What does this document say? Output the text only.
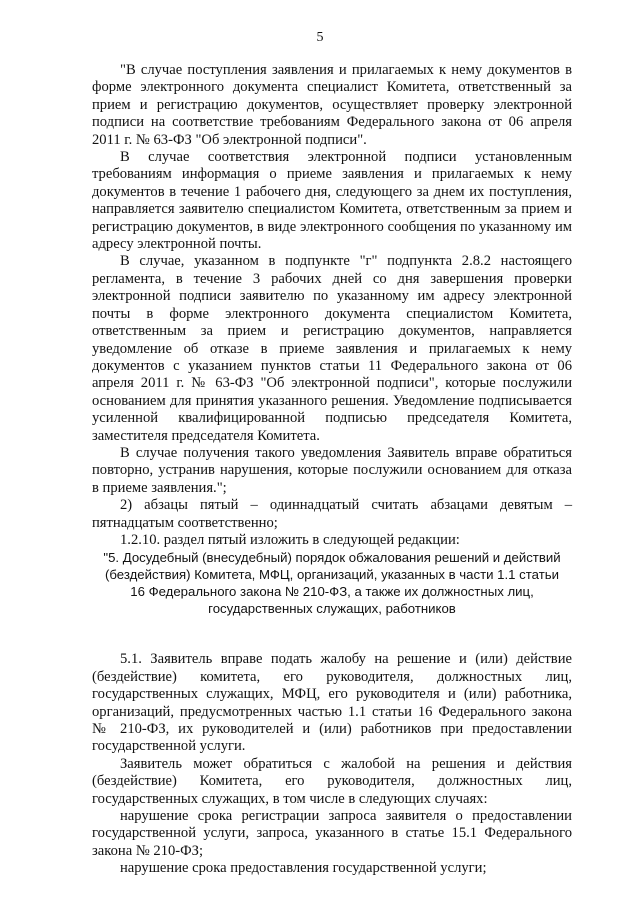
5

"В случае поступления заявления и прилагаемых к нему документов в форме электронного документа специалист Комитета, ответственный за прием и регистрацию документов, осуществляет проверку электронной подписи на соответствие требованиям Федерального закона от 06 апреля 2011 г. № 63-ФЗ "Об электронной подписи".

В случае соответствия электронной подписи установленным требованиям информация о приеме заявления и прилагаемых к нему документов в течение 1 рабочего дня, следующего за днем их поступления, направляется заявителю специалистом Комитета, ответственным за прием и регистрацию документов, в виде электронного сообщения по указанному им адресу электронной почты.

В случае, указанном в подпункте "г" подпункта 2.8.2 настоящего регламента, в течение 3 рабочих дней со дня завершения проверки электронной подписи заявителю по указанному им адресу электронной почты в форме электронного документа специалистом Комитета, ответственным за прием и регистрацию документов, направляется уведомление об отказе в приеме заявления и прилагаемых к нему документов с указанием пунктов статьи 11 Федерального закона от 06 апреля 2011 г. № 63-ФЗ "Об электронной подписи", которые послужили основанием для принятия указанного решения. Уведомление подписывается усиленной квалифицированной подписью председателя Комитета, заместителя председателя Комитета.

В случае получения такого уведомления Заявитель вправе обратиться повторно, устранив нарушения, которые послужили основанием для отказа в приеме заявления.";

2) абзацы пятый – одиннадцатый считать абзацами девятым – пятнадцатым соответственно;

1.2.10. раздел пятый изложить в следующей редакции:

"5. Досудебный (внесудебный) порядок обжалования решений и действий (бездействия) Комитета, МФЦ, организаций, указанных в части 1.1 статьи 16 Федерального закона № 210-ФЗ, а также их должностных лиц, государственных служащих, работников

5.1. Заявитель вправе подать жалобу на решение и (или) действие (бездействие) комитета, его руководителя, должностных лиц, государственных служащих, МФЦ, его руководителя и (или) работника, организаций, предусмотренных частью 1.1 статьи 16 Федерального закона № 210-ФЗ, их руководителей и (или) работников при предоставлении государственной услуги.

Заявитель может обратиться с жалобой на решения и действия (бездействие) Комитета, его руководителя, должностных лиц, государственных служащих, в том числе в следующих случаях:

нарушение срока регистрации запроса заявителя о предоставлении государственной услуги, запроса, указанного в статье 15.1 Федерального закона № 210-ФЗ;

нарушение срока предоставления государственной услуги;
